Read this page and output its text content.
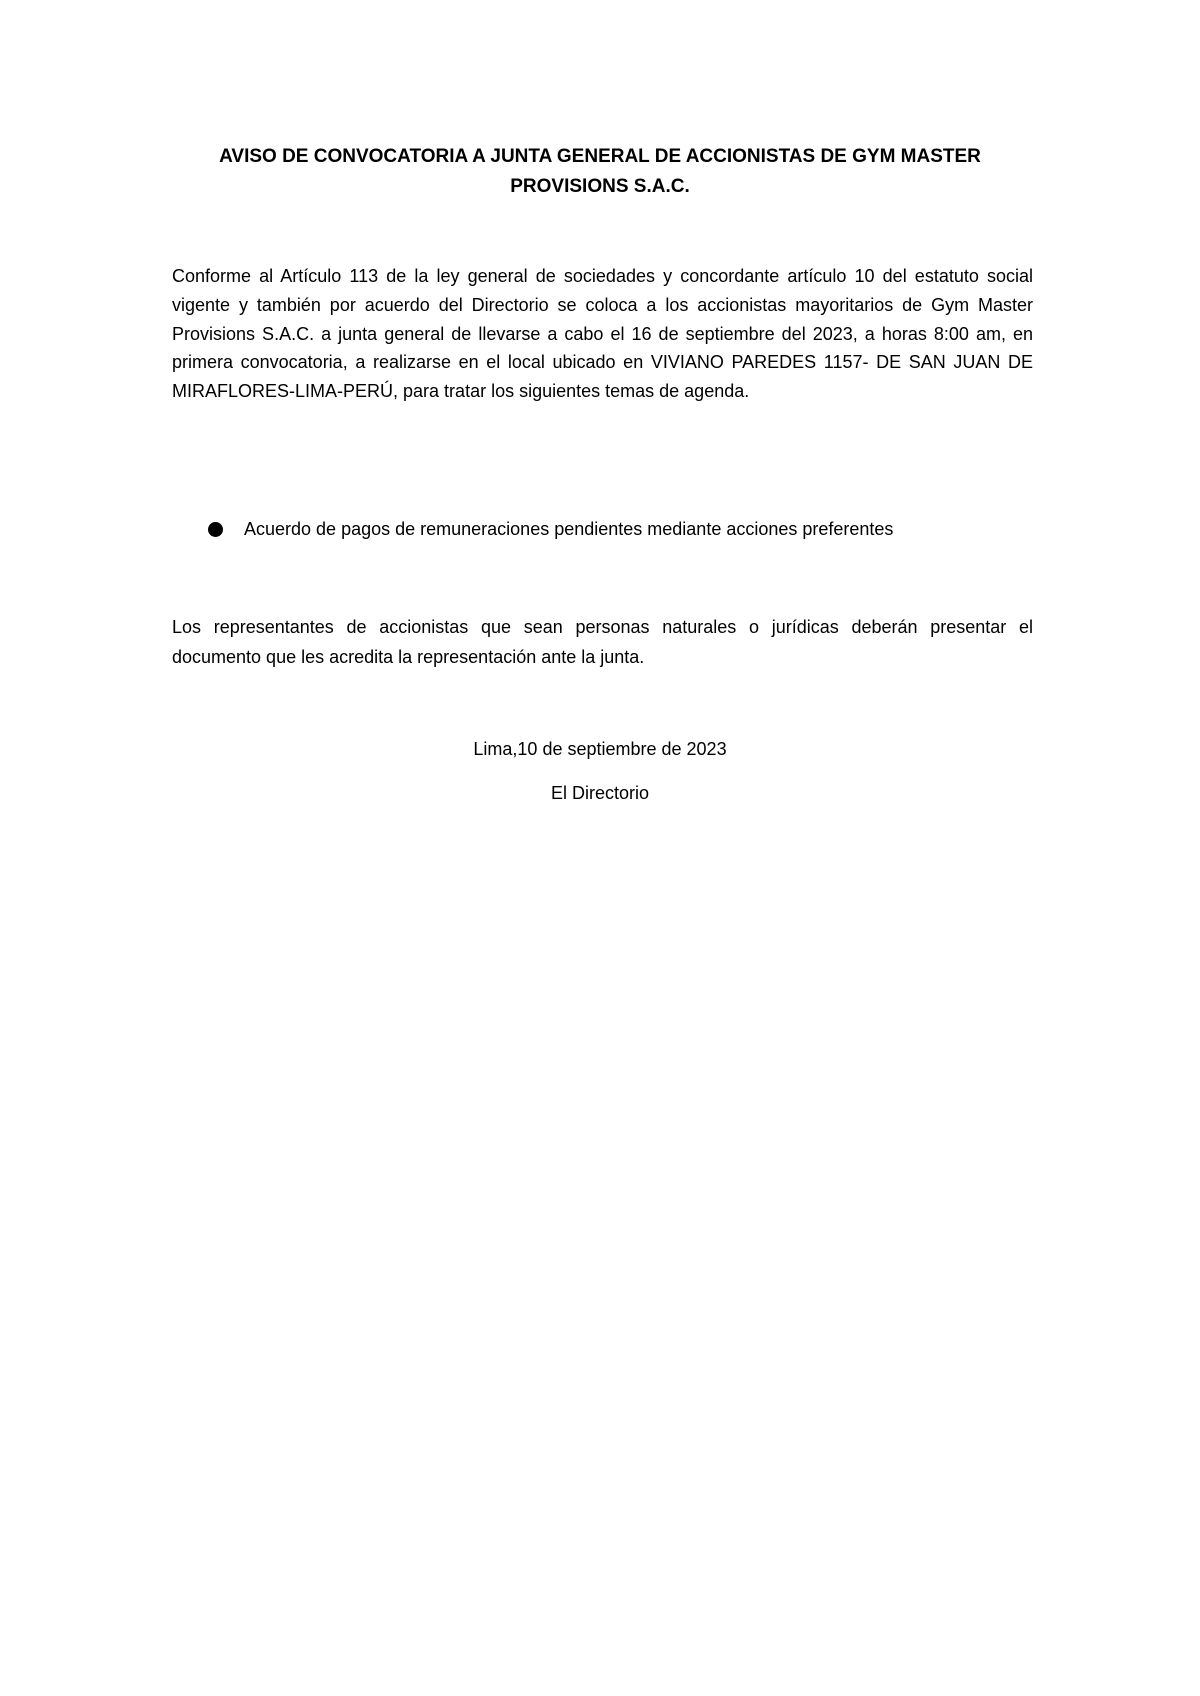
AVISO DE CONVOCATORIA A JUNTA GENERAL DE ACCIONISTAS DE GYM MASTER
PROVISIONS S.A.C.

Conforme al Artículo 113 de la ley general de sociedades y concordante artículo 10 del estatuto social vigente y también por acuerdo del Directorio se coloca a los accionistas mayoritarios de Gym Master Provisions S.A.C. a junta general de llevarse a cabo el 16 de septiembre del 2023, a horas 8:00 am, en primera convocatoria, a realizarse en el local ubicado en VIVIANO PAREDES 1157- DE SAN JUAN DE MIRAFLORES-LIMA-PERÚ, para tratar los siguientes temas de agenda.

Acuerdo de pagos de remuneraciones pendientes mediante acciones preferentes

Los representantes de accionistas que sean personas naturales o jurídicas deberán presentar el documento que les acredita la representación ante la junta.

Lima,10 de septiembre de 2023

El Directorio
